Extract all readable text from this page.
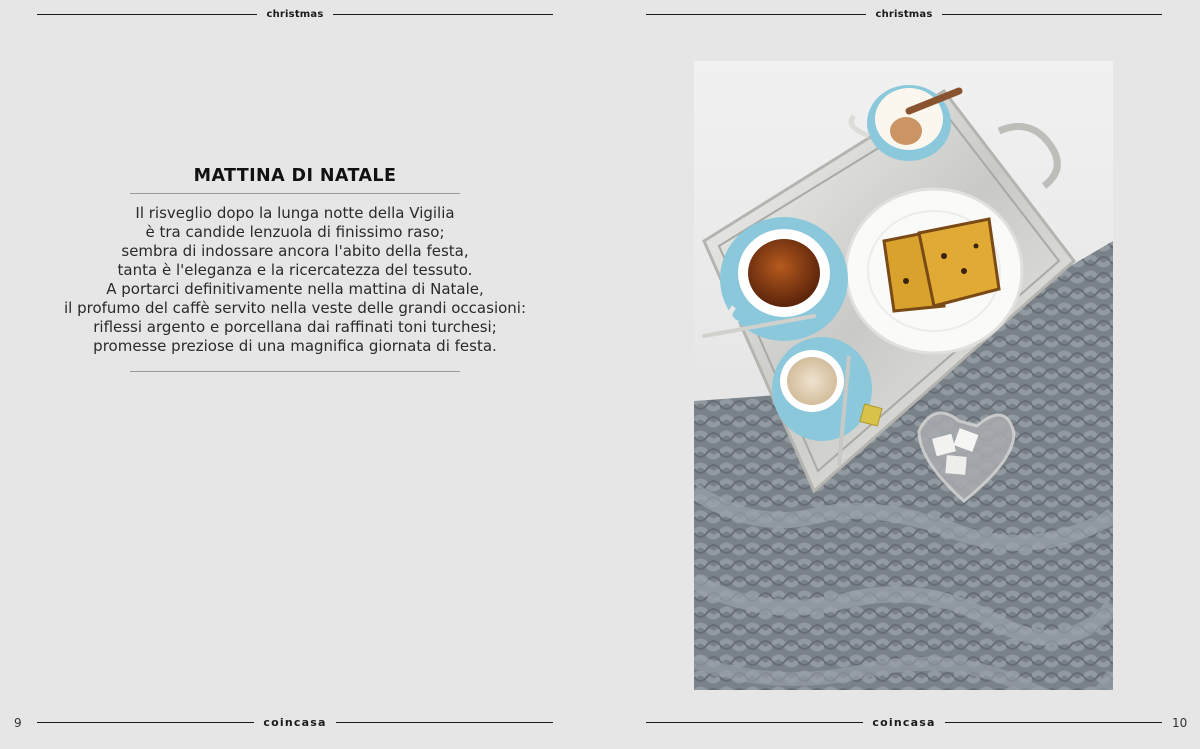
christmas	christmas
MATTINA DI NATALE
Il risveglio dopo la lunga notte della Vigilia
è tra candide lenzuola di finissimo raso;
sembra di indossare ancora l'abito della festa,
tanta è l'eleganza e la ricercatezza del tessuto.
A portarci definitivamente nella mattina di Natale,
il profumo del caffè servito nella veste delle grandi occasioni:
riflessi argento e porcellana dai raffinati toni turchesi;
promesse preziose di una magnifica giornata di festa.
9	coincasa	coincasa	10
